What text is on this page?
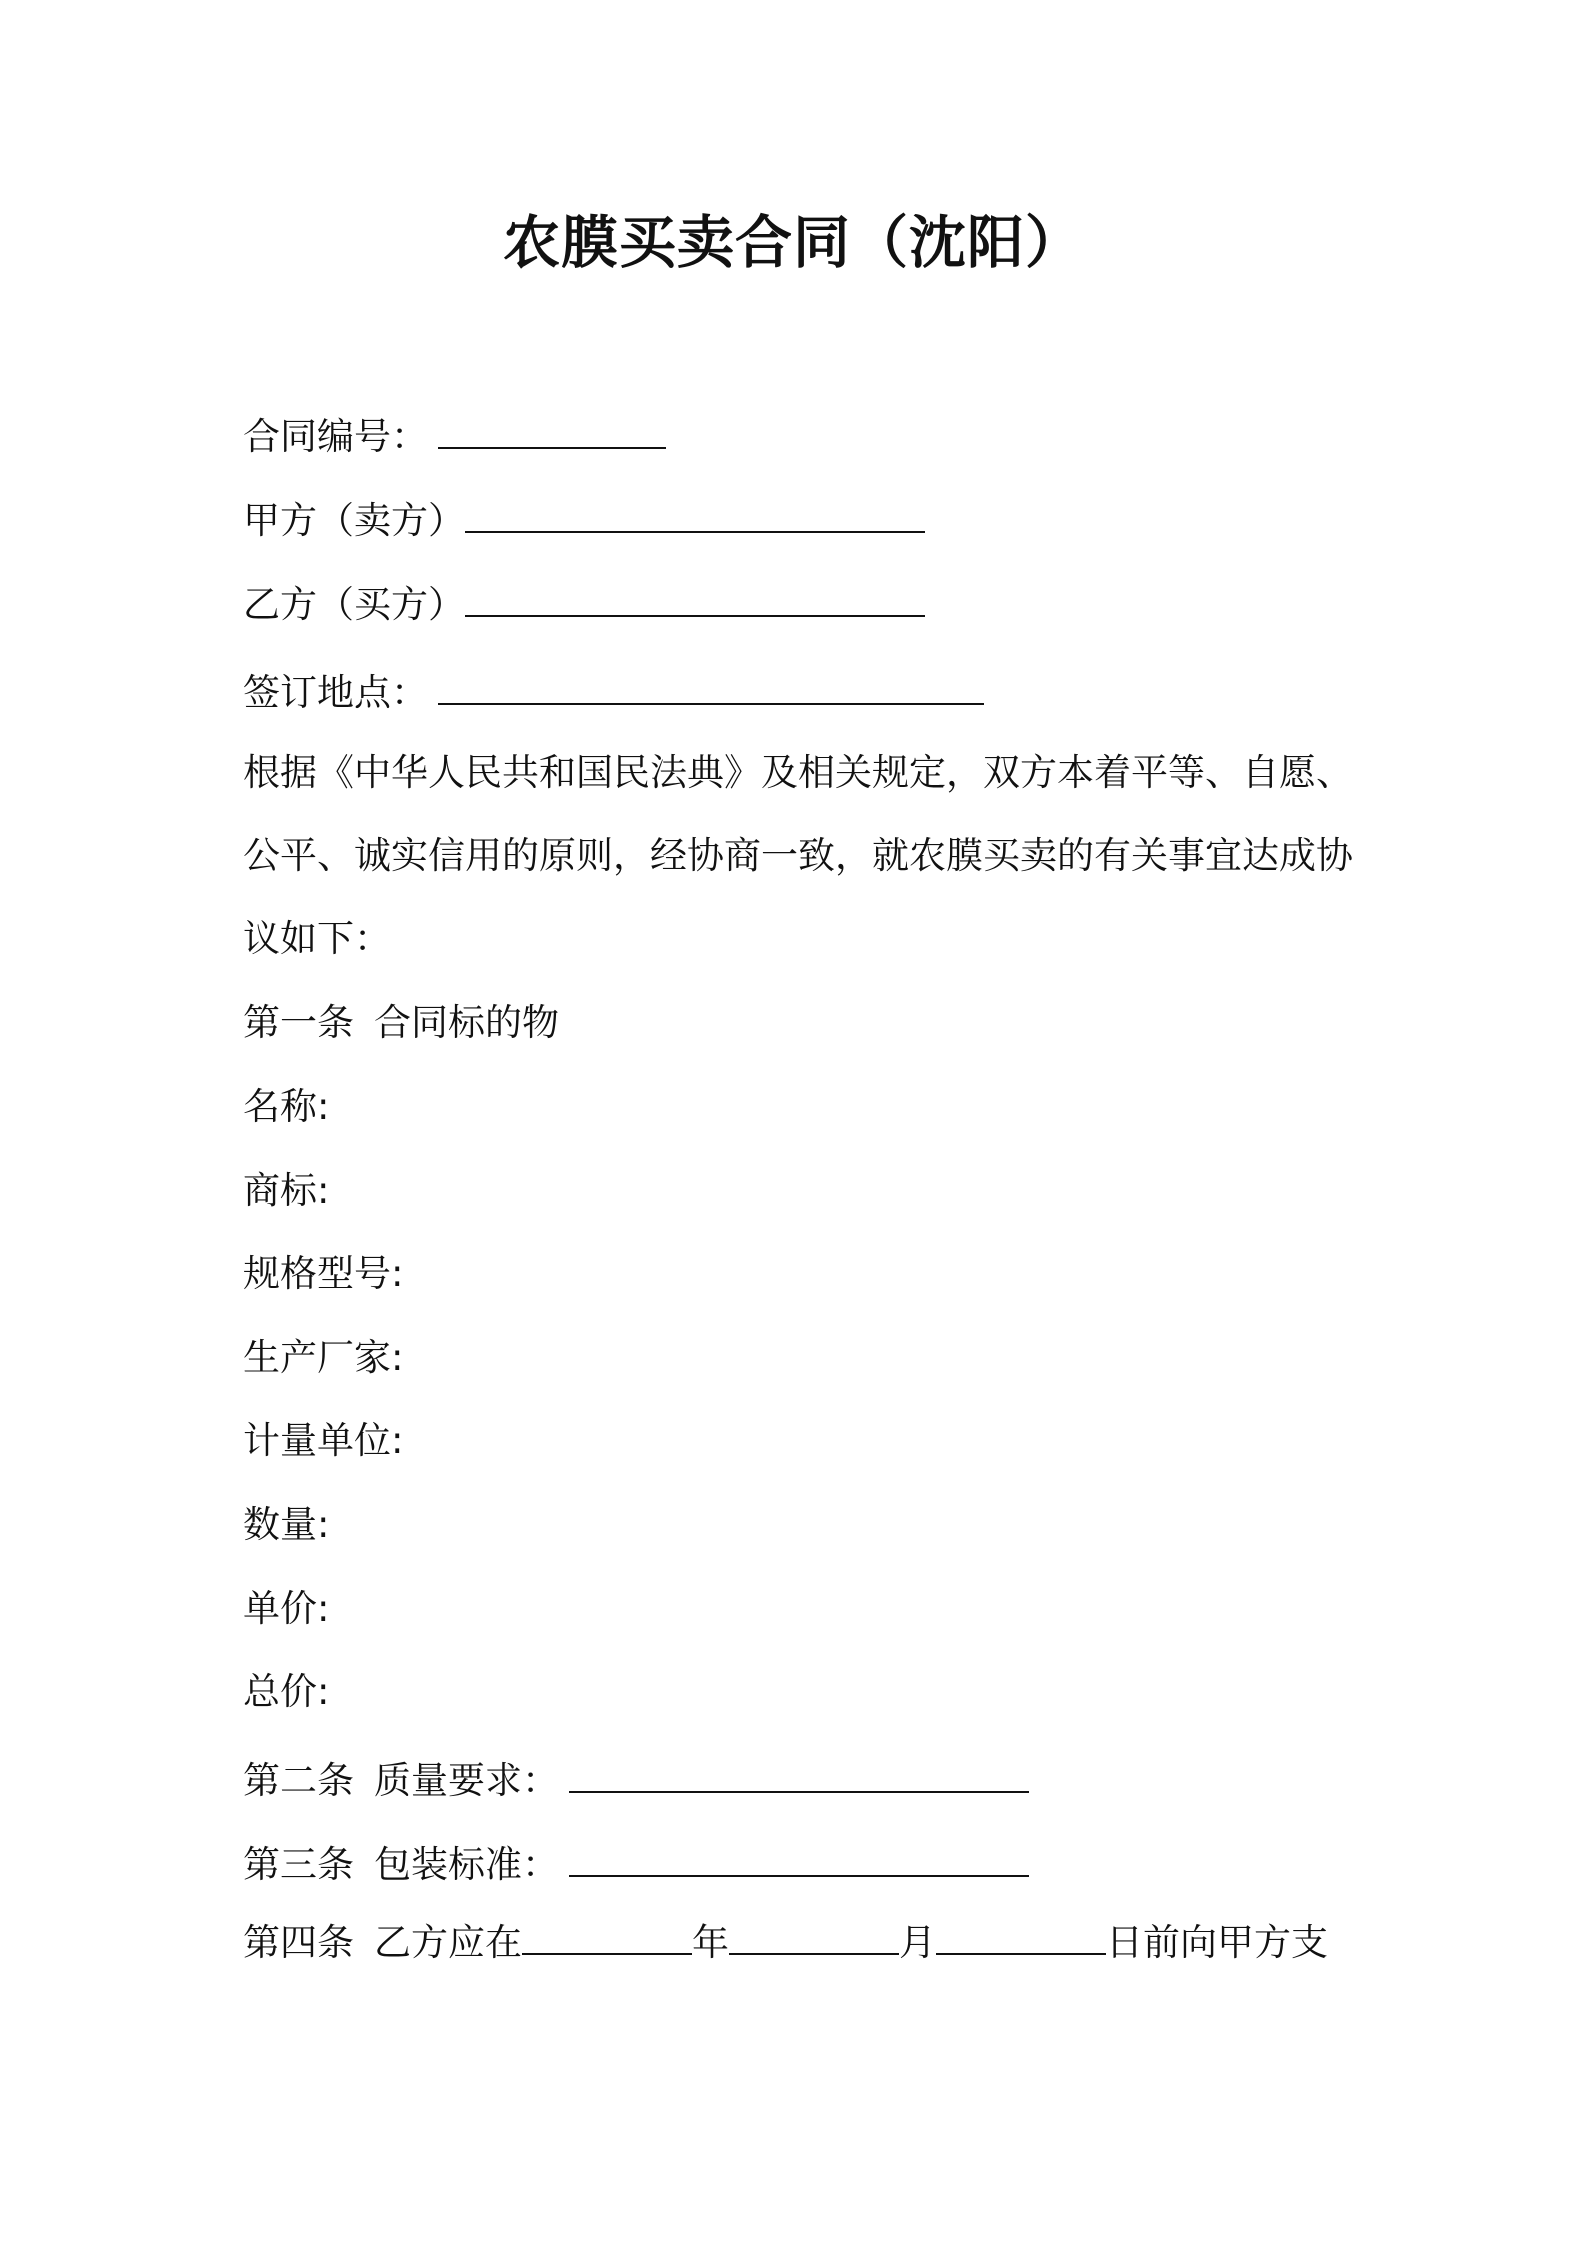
农膜买卖合同（沈阳）
合同编号：
甲方（卖方）
乙方（买方）
签订地点：
根据《中华人民共和国民法典》及相关规定，双方本着平等、自愿、
公平、诚实信用的原则，经协商一致，就农膜买卖的有关事宜达成协
议如下：
第一条 合同标的物
名称:
商标:
规格型号:
生产厂家:
计量单位:
数量:
单价:
总价:
第二条 质量要求：
第三条 包装标准：
第四条 乙方应在	年	月	日前向甲方支
